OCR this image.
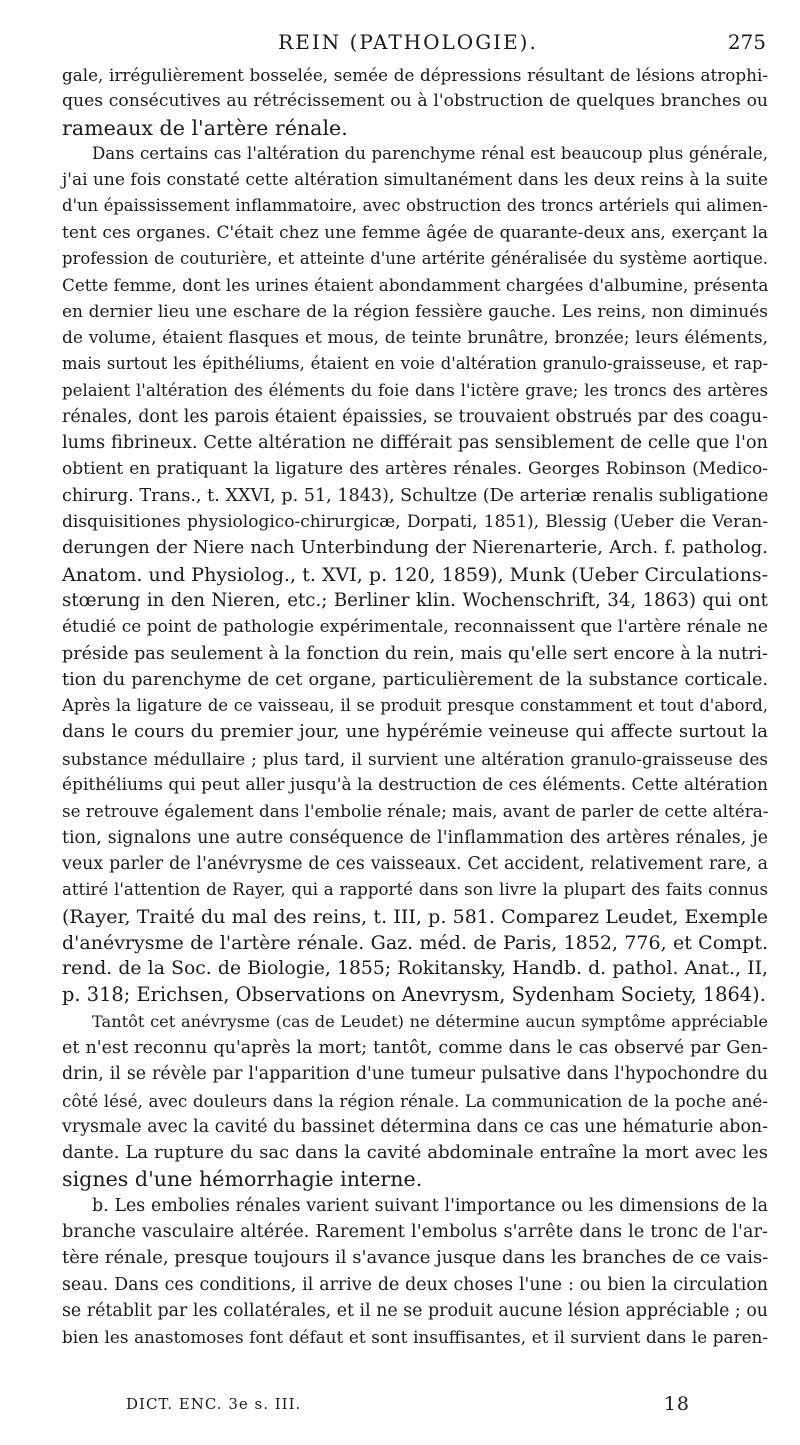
REIN (PATHOLOGIE).	275
gale, irrégulièrement bosselée, semée de dépressions résultant de lésions atrophi-
ques consécutives au rétrécissement ou à l'obstruction de quelques branches ou
rameaux de l'artère rénale.
Dans certains cas l'altération du parenchyme rénal est beaucoup plus générale,
j'ai une fois constaté cette altération simultanément dans les deux reins à la suite
d'un épaississement inflammatoire, avec obstruction des troncs artériels qui alimen-
tent ces organes. C'était chez une femme âgée de quarante-deux ans, exerçant la
profession de couturière, et atteinte d'une artérite généralisée du système aortique.
Cette femme, dont les urines étaient abondamment chargées d'albumine, présenta
en dernier lieu une eschare de la région fessière gauche. Les reins, non diminués
de volume, étaient flasques et mous, de teinte brunâtre, bronzée; leurs éléments,
mais surtout les épithéliums, étaient en voie d'altération granulo-graisseuse, et rap-
pelaient l'altération des éléments du foie dans l'ictère grave; les troncs des artères
rénales, dont les parois étaient épaissies, se trouvaient obstrués par des coagu-
lums fibrineux. Cette altération ne différait pas sensiblement de celle que l'on
obtient en pratiquant la ligature des artères rénales. Georges Robinson (Medico-
chirurg. Trans., t. XXVI, p. 51, 1843), Schultze (De arteriæ renalis subligatione
disquisitiones physiologico-chirurgicæ, Dorpati, 1851), Blessig (Ueber die Veran-
derungen der Niere nach Unterbindung der Nierenarterie, Arch. f. patholog.
Anatom. und Physiolog., t. XVI, p. 120, 1859), Munk (Ueber Circulations-
stœrung in den Nieren, etc.; Berliner klin. Wochenschrift, 34, 1863) qui ont
étudié ce point de pathologie expérimentale, reconnaissent que l'artère rénale ne
préside pas seulement à la fonction du rein, mais qu'elle sert encore à la nutri-
tion du parenchyme de cet organe, particulièrement de la substance corticale.
Après la ligature de ce vaisseau, il se produit presque constamment et tout d'abord,
dans le cours du premier jour, une hypérémie veineuse qui affecte surtout la
substance médullaire ; plus tard, il survient une altération granulo-graisseuse des
épithéliums qui peut aller jusqu'à la destruction de ces éléments. Cette altération
se retrouve également dans l'embolie rénale; mais, avant de parler de cette altéra-
tion, signalons une autre conséquence de l'inflammation des artères rénales, je
veux parler de l'anévrysme de ces vaisseaux. Cet accident, relativement rare, a
attiré l'attention de Rayer, qui a rapporté dans son livre la plupart des faits connus
(Rayer, Traité du mal des reins, t. III, p. 581. Comparez Leudet, Exemple
d'anévrysme de l'artère rénale. Gaz. méd. de Paris, 1852, 776, et Compt.
rend. de la Soc. de Biologie, 1855; Rokitansky, Handb. d. pathol. Anat., II,
p. 318; Erichsen, Observations on Anevrysm, Sydenham Society, 1864).
Tantôt cet anévrysme (cas de Leudet) ne détermine aucun symptôme appréciable
et n'est reconnu qu'après la mort; tantôt, comme dans le cas observé par Gen-
drin, il se révèle par l'apparition d'une tumeur pulsative dans l'hypochondre du
côté lésé, avec douleurs dans la région rénale. La communication de la poche ané-
vrysmale avec la cavité du bassinet détermina dans ce cas une hématurie abon-
dante. La rupture du sac dans la cavité abdominale entraîne la mort avec les
signes d'une hémorrhagie interne.
b. Les embolies rénales varient suivant l'importance ou les dimensions de la
branche vasculaire altérée. Rarement l'embolus s'arrête dans le tronc de l'ar-
tère rénale, presque toujours il s'avance jusque dans les branches de ce vais-
seau. Dans ces conditions, il arrive de deux choses l'une : ou bien la circulation
se rétablit par les collatérales, et il ne se produit aucune lésion appréciable ; ou
bien les anastomoses font défaut et sont insuffisantes, et il survient dans le paren-
DICT. ENC. 3e s. III.	18
